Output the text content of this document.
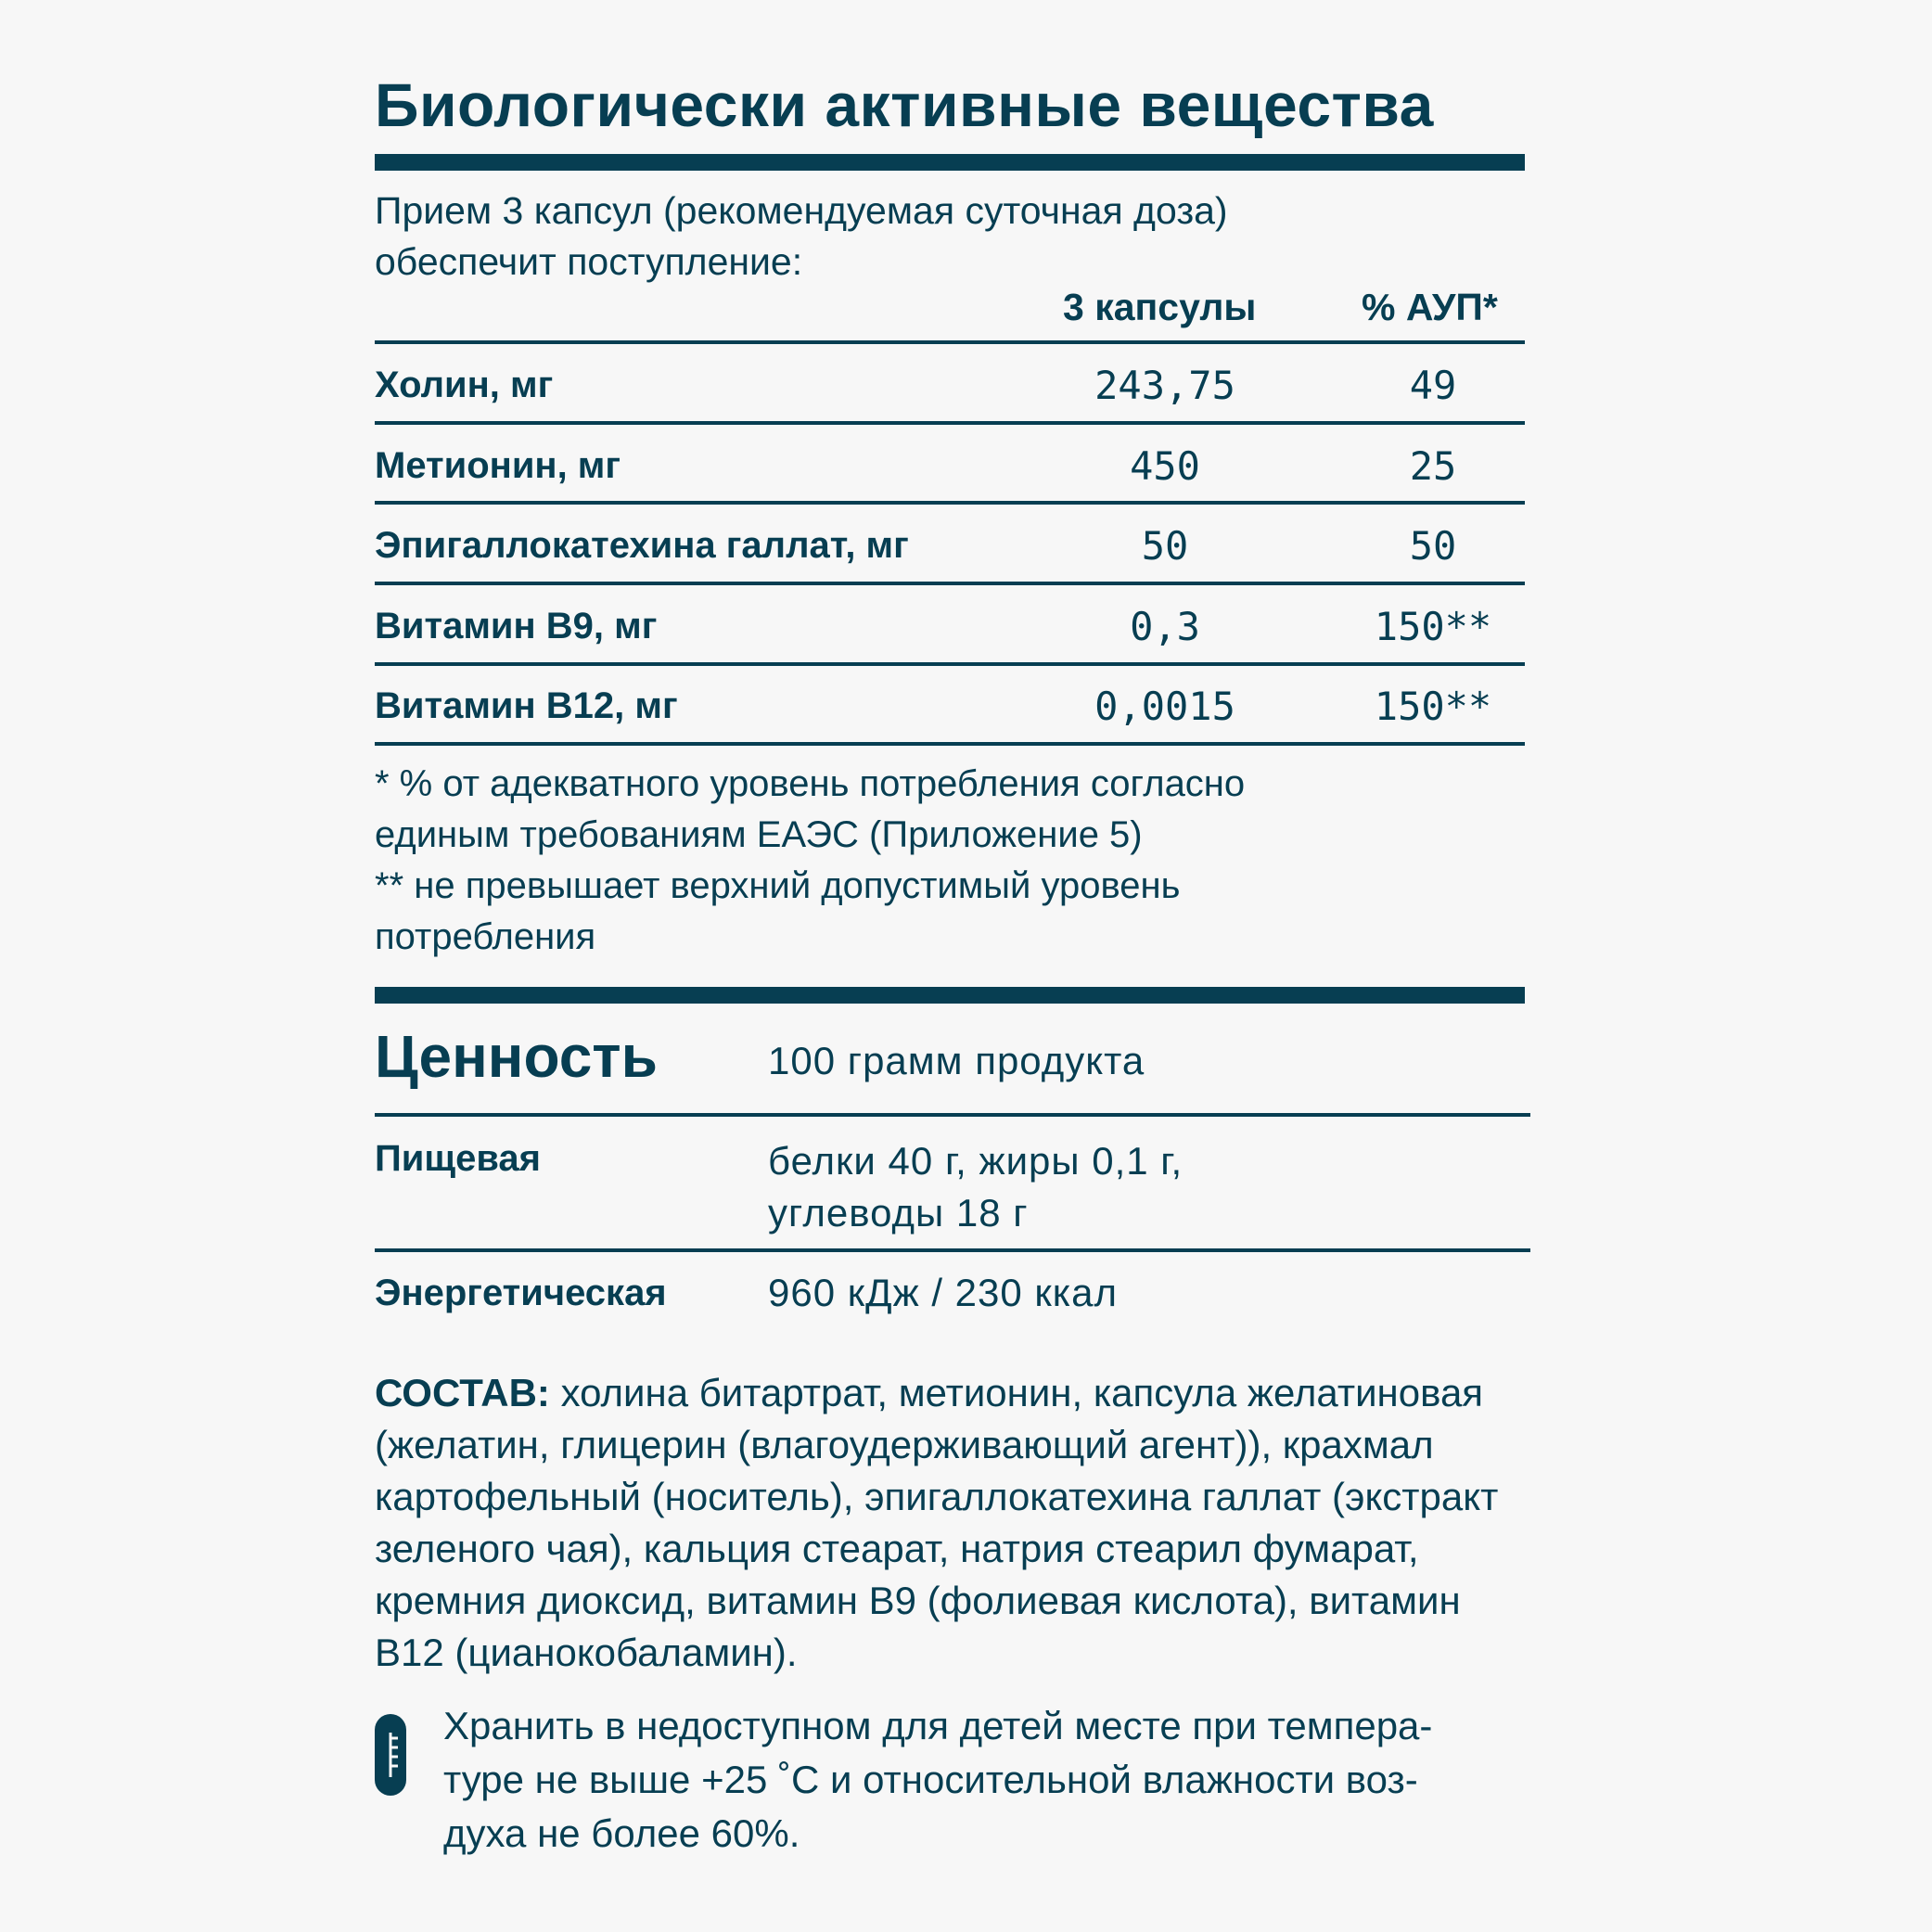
Биологически активные вещества
Прием 3 капсул (рекомендуемая суточная доза)
обеспечит поступление:
3 капсулы	% АУП*
Холин, мг	243,75	49
Метионин, мг	450	25
Эпигаллокатехина галлат, мг	50	50
Витамин B9, мг	0,3	150**
Витамин B12, мг	0,0015	150**
* % от адекватного уровень потребления согласно
единым требованиям ЕАЭС (Приложение 5)
** не превышает верхний допустимый уровень
потребления
Ценность	100 грамм продукта
Пищевая	белки 40 г, жиры 0,1 г,
углеводы 18 г
Энергетическая	960 кДж / 230 ккал
СОСТАВ: холина битартрат, метионин, капсула желатиновая (желатин, глицерин (влагоудерживающий агент)), крахмал картофельный (носитель), эпигаллокатехина галлат (экстракт зеленого чая), кальция стеарат, натрия стеарил фумарат, кремния диоксид, витамин B9 (фолиевая кислота), витамин B12 (цианокобаламин).
Хранить в недоступном для детей месте при темпера-
туре не выше +25 ˚С и относительной влажности воз-
духа не более 60%.
